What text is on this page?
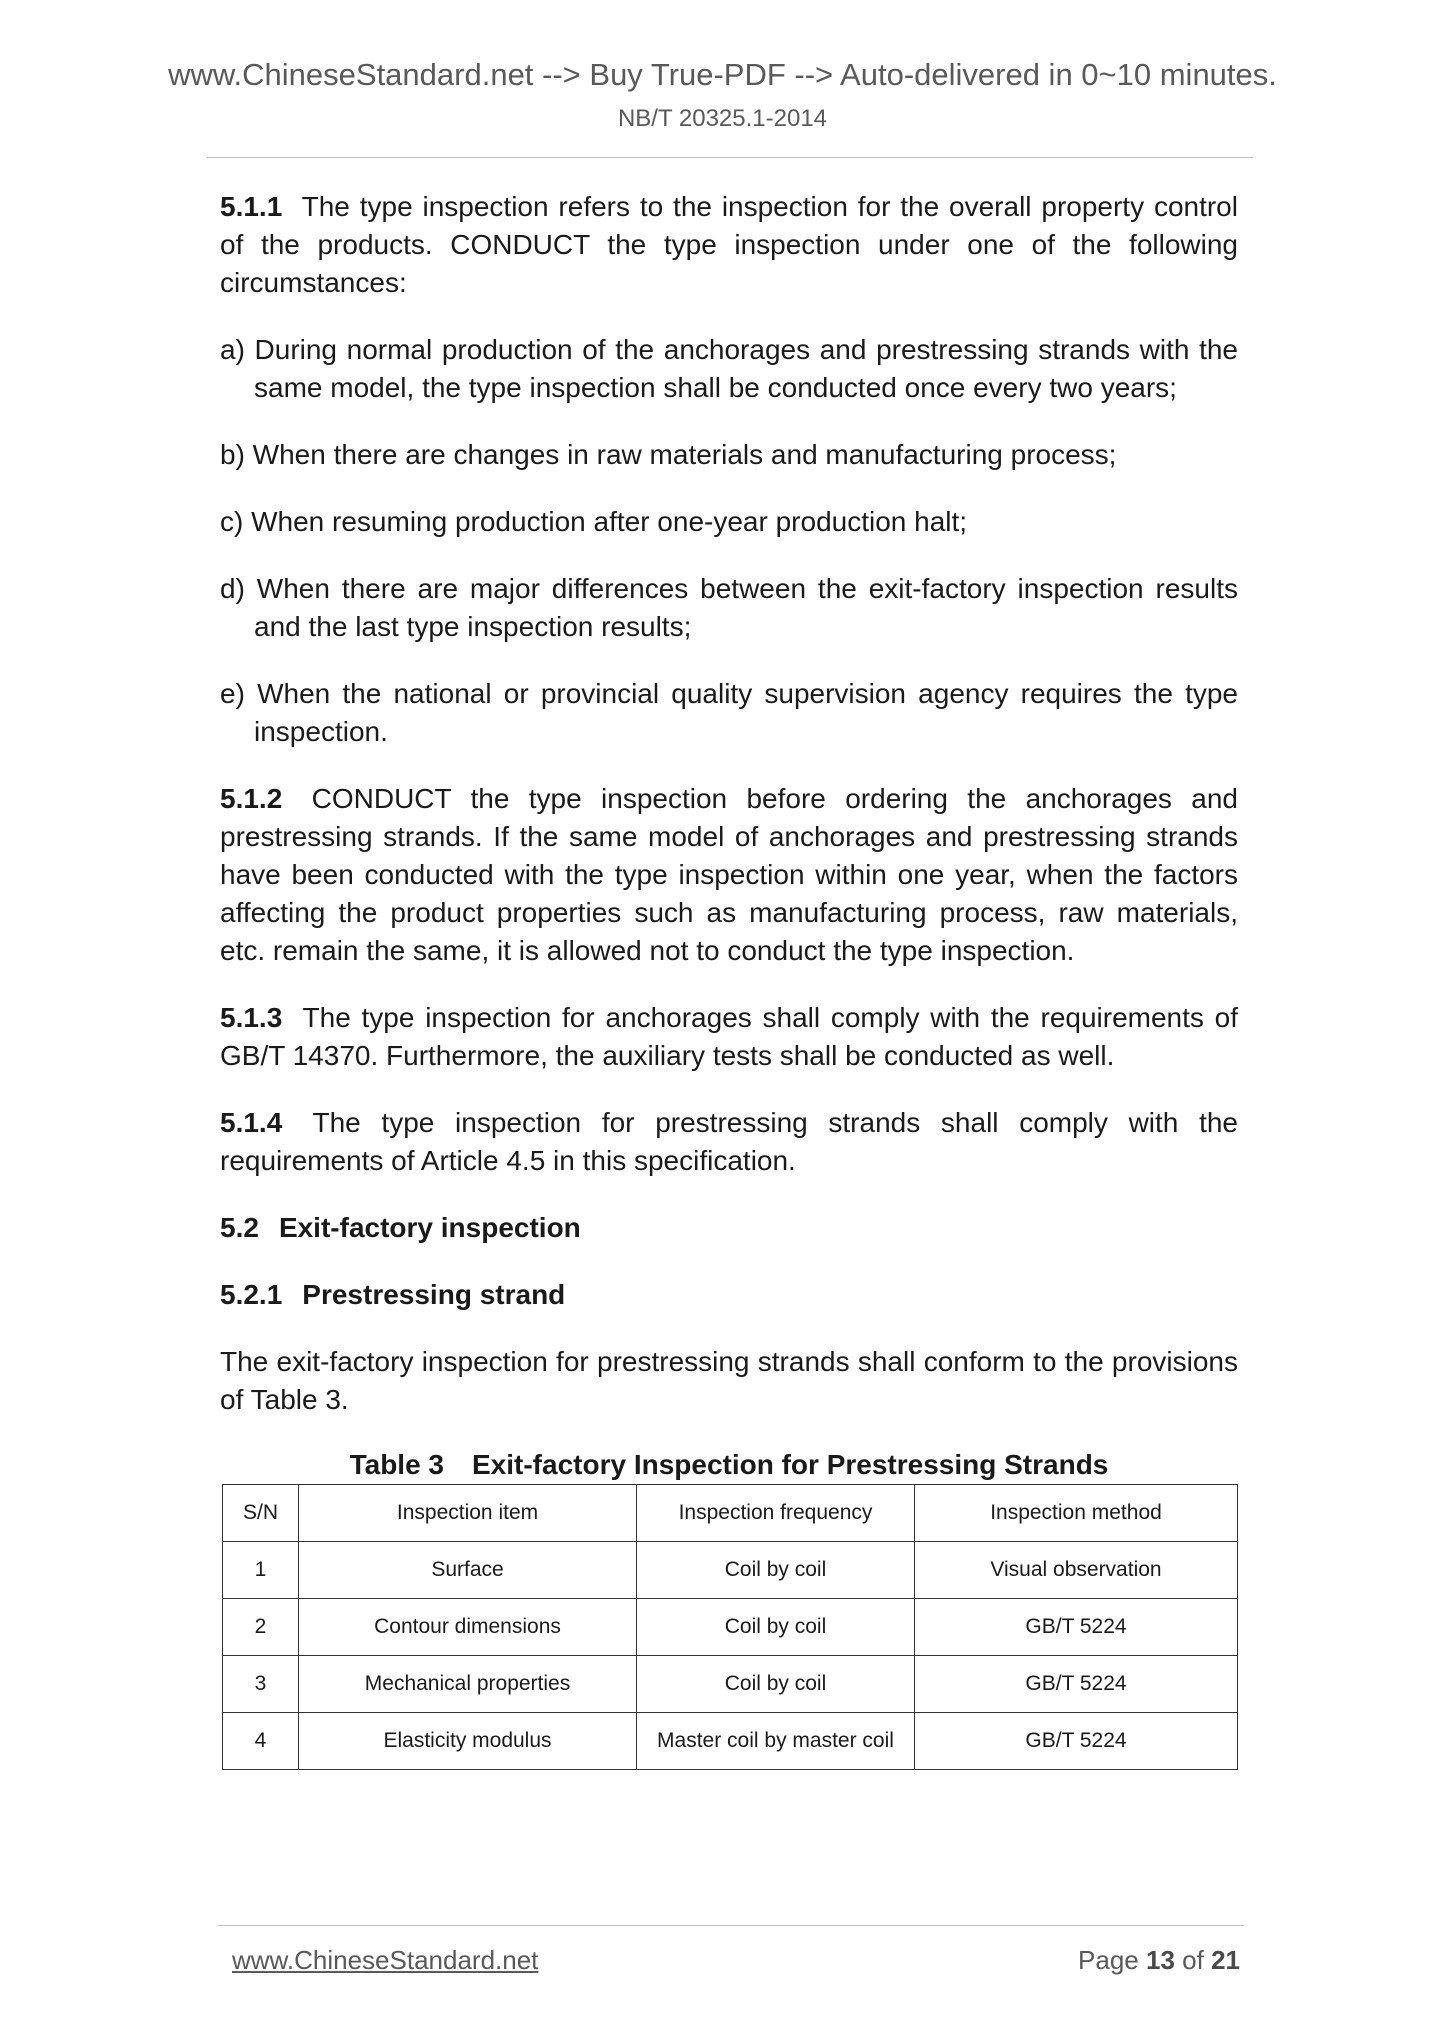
www.ChineseStandard.net --> Buy True-PDF --> Auto-delivered in 0~10 minutes.
NB/T 20325.1-2014

5.1.1 The type inspection refers to the inspection for the overall property control of the products. CONDUCT the type inspection under one of the following circumstances:

a) During normal production of the anchorages and prestressing strands with the same model, the type inspection shall be conducted once every two years;

b) When there are changes in raw materials and manufacturing process;

c) When resuming production after one-year production halt;

d) When there are major differences between the exit-factory inspection results and the last type inspection results;

e) When the national or provincial quality supervision agency requires the type inspection.

5.1.2 CONDUCT the type inspection before ordering the anchorages and prestressing strands. If the same model of anchorages and prestressing strands have been conducted with the type inspection within one year, when the factors affecting the product properties such as manufacturing process, raw materials, etc. remain the same, it is allowed not to conduct the type inspection.

5.1.3 The type inspection for anchorages shall comply with the requirements of GB/T 14370. Furthermore, the auxiliary tests shall be conducted as well.

5.1.4 The type inspection for prestressing strands shall comply with the requirements of Article 4.5 in this specification.

5.2 Exit-factory inspection

5.2.1 Prestressing strand

The exit-factory inspection for prestressing strands shall conform to the provisions of Table 3.

Table 3 Exit-factory Inspection for Prestressing Strands
S/N	Inspection item	Inspection frequency	Inspection method
1	Surface	Coil by coil	Visual observation
2	Contour dimensions	Coil by coil	GB/T 5224
3	Mechanical properties	Coil by coil	GB/T 5224
4	Elasticity modulus	Master coil by master coil	GB/T 5224
www.ChineseStandard.net	Page 13 of 21
